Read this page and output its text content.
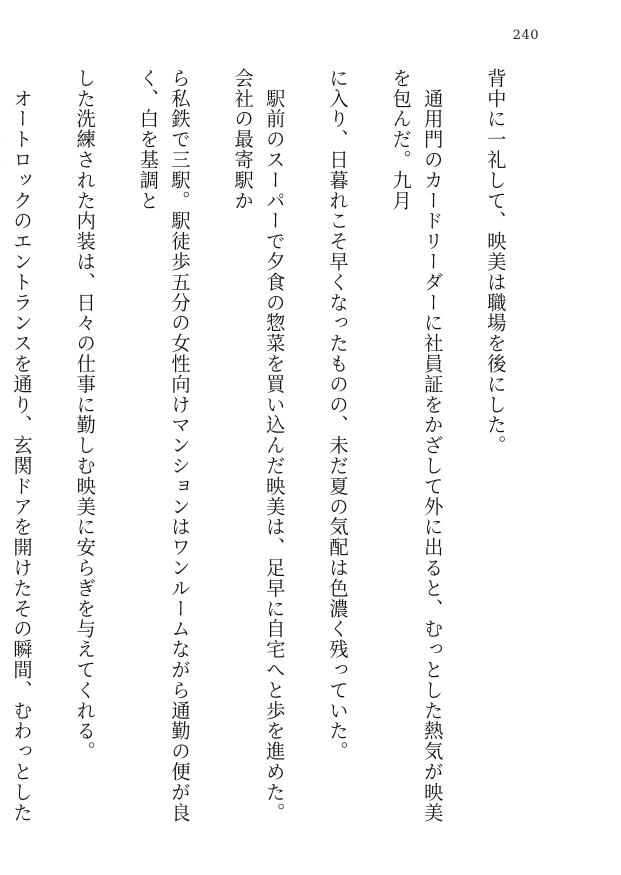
240

背中に一礼して、映美は職場を後にした。

　通用門のカードリーダーに社員証をかざして外に出ると、むっとした熱気が映美を包んだ。九月

に入り、日暮れこそ早くなったものの、未だ夏の気配は色濃く残っていた。

　駅前のスーパーで夕食の惣菜を買い込んだ映美は、足早に自宅へと歩を進めた。会社の最寄駅か

ら私鉄で三駅。駅徒歩五分の女性向けマンションはワンルームながら通勤の便が良く、白を基調と

した洗練された内装は、日々の仕事に勤しむ映美に安らぎを与えてくれる。

　オートロックのエントランスを通り、玄関ドアを開けたその瞬間、むわっとした
